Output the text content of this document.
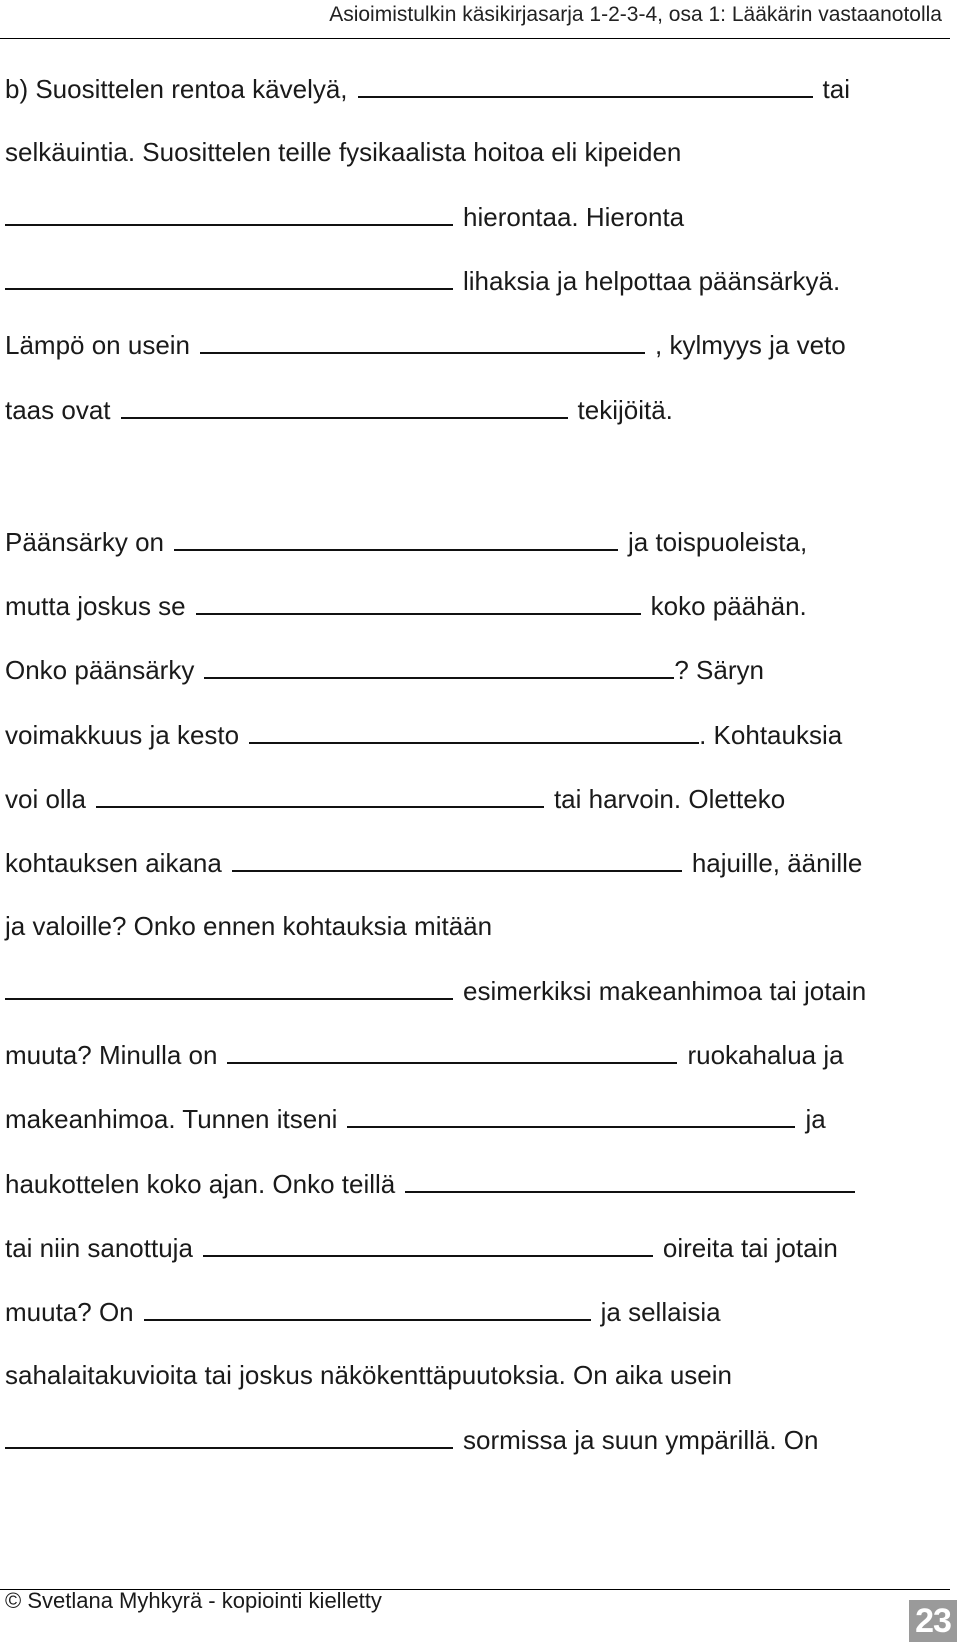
Asioimistulkin käsikirjasarja 1-2-3-4, osa 1: Lääkärin vastaanotolla
b) Suosittelen rentoa kävelyä,	tai
selkäuintia. Suosittelen teille fysikaalista hoitoa eli kipeiden
hierontaa. Hieronta
lihaksia ja helpottaa päänsärkyä.
Lämpö on usein	, kylmyys ja veto
taas ovat	tekijöitä.
Päänsärky on	ja toispuoleista,
mutta joskus se	koko päähän.
Onko päänsärky	? Säryn
voimakkuus ja kesto	. Kohtauksia
voi olla	tai harvoin. Oletteko
kohtauksen aikana	hajuille, äänille
ja valoille? Onko ennen kohtauksia mitään
esimerkiksi makeanhimoa tai jotain
muuta? Minulla on	ruokahalua ja
makeanhimoa. Tunnen itseni	ja
haukottelen koko ajan. Onko teillä
tai niin sanottuja	oireita tai jotain
muuta? On	ja sellaisia
sahalaitakuvioita tai joskus näkökenttäpuutoksia. On aika usein
sormissa ja suun ympärillä. On
© Svetlana Myhkyrä - kopiointi kielletty
23
